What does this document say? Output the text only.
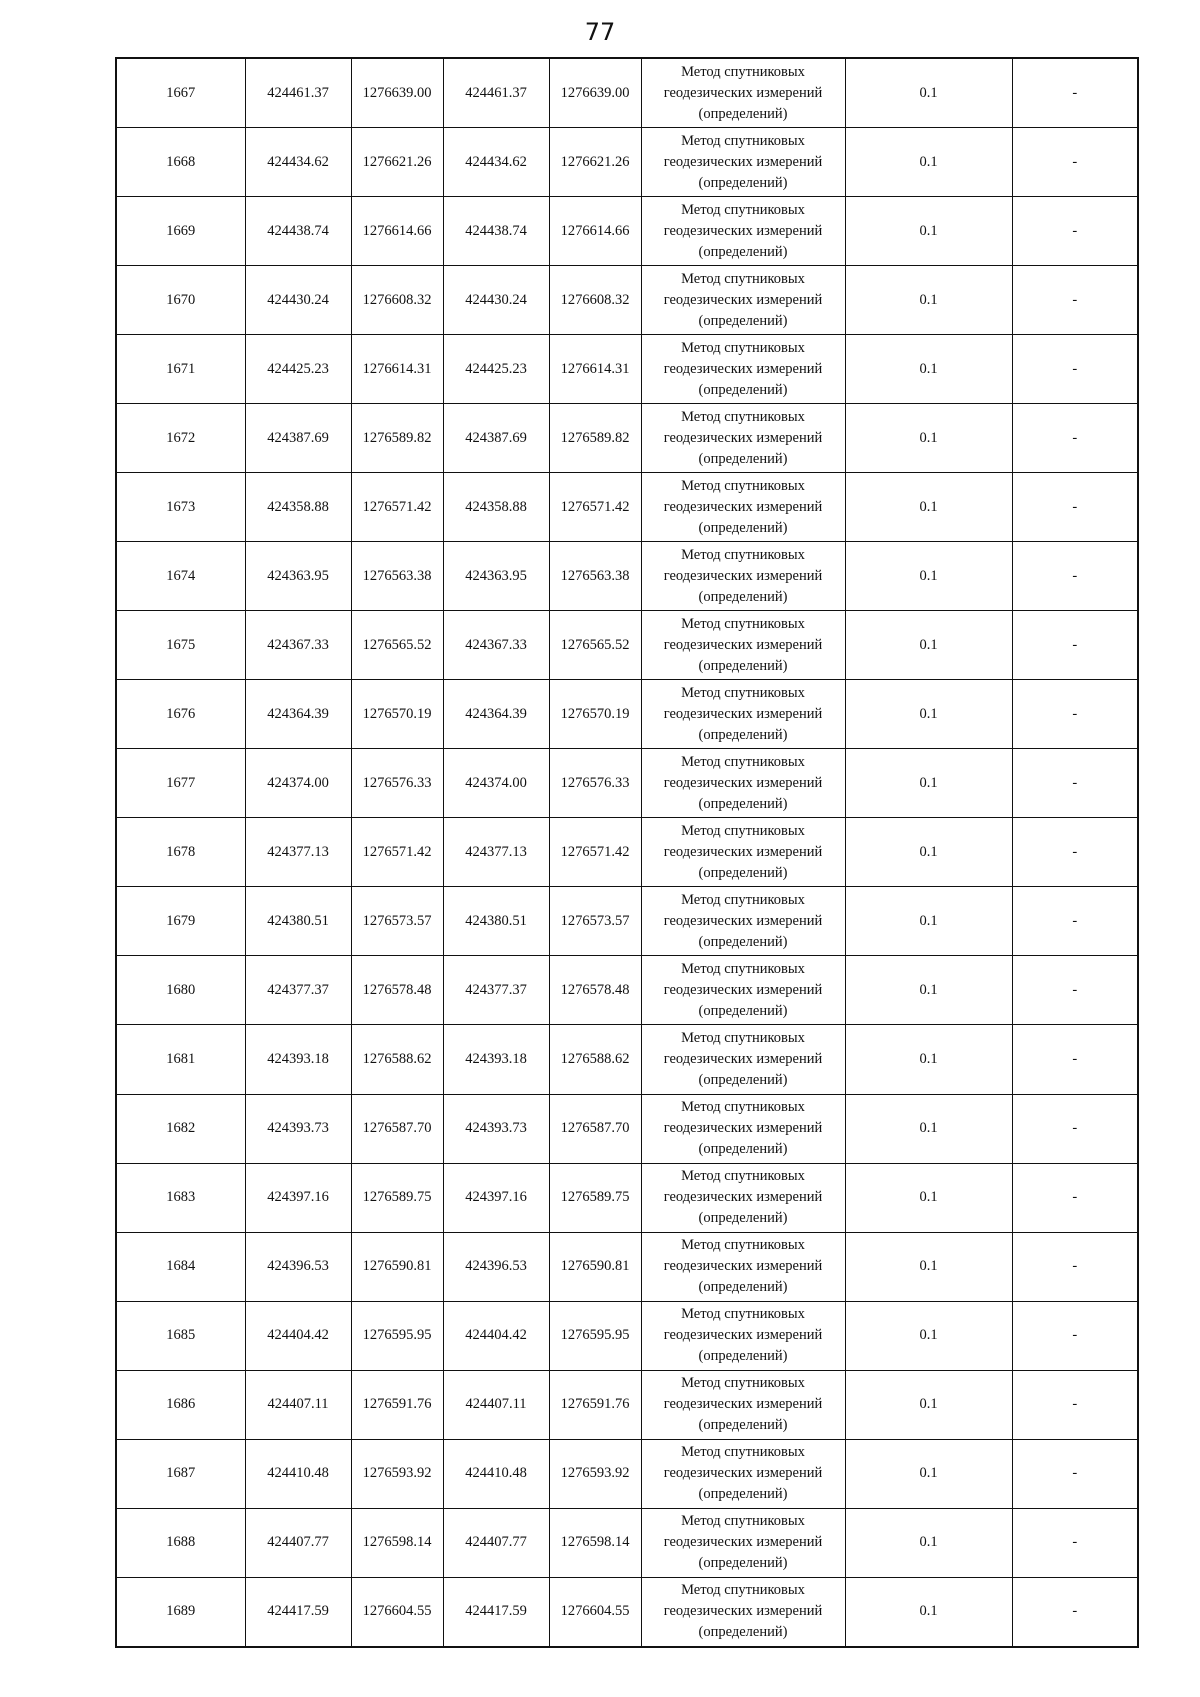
77
1667	424461.37	1276639.00	424461.37	1276639.00	Метод спутниковых геодезических измерений (определений)	0.1	-
1668	424434.62	1276621.26	424434.62	1276621.26	Метод спутниковых геодезических измерений (определений)	0.1	-
1669	424438.74	1276614.66	424438.74	1276614.66	Метод спутниковых геодезических измерений (определений)	0.1	-
1670	424430.24	1276608.32	424430.24	1276608.32	Метод спутниковых геодезических измерений (определений)	0.1	-
1671	424425.23	1276614.31	424425.23	1276614.31	Метод спутниковых геодезических измерений (определений)	0.1	-
1672	424387.69	1276589.82	424387.69	1276589.82	Метод спутниковых геодезических измерений (определений)	0.1	-
1673	424358.88	1276571.42	424358.88	1276571.42	Метод спутниковых геодезических измерений (определений)	0.1	-
1674	424363.95	1276563.38	424363.95	1276563.38	Метод спутниковых геодезических измерений (определений)	0.1	-
1675	424367.33	1276565.52	424367.33	1276565.52	Метод спутниковых геодезических измерений (определений)	0.1	-
1676	424364.39	1276570.19	424364.39	1276570.19	Метод спутниковых геодезических измерений (определений)	0.1	-
1677	424374.00	1276576.33	424374.00	1276576.33	Метод спутниковых геодезических измерений (определений)	0.1	-
1678	424377.13	1276571.42	424377.13	1276571.42	Метод спутниковых геодезических измерений (определений)	0.1	-
1679	424380.51	1276573.57	424380.51	1276573.57	Метод спутниковых геодезических измерений (определений)	0.1	-
1680	424377.37	1276578.48	424377.37	1276578.48	Метод спутниковых геодезических измерений (определений)	0.1	-
1681	424393.18	1276588.62	424393.18	1276588.62	Метод спутниковых геодезических измерений (определений)	0.1	-
1682	424393.73	1276587.70	424393.73	1276587.70	Метод спутниковых геодезических измерений (определений)	0.1	-
1683	424397.16	1276589.75	424397.16	1276589.75	Метод спутниковых геодезических измерений (определений)	0.1	-
1684	424396.53	1276590.81	424396.53	1276590.81	Метод спутниковых геодезических измерений (определений)	0.1	-
1685	424404.42	1276595.95	424404.42	1276595.95	Метод спутниковых геодезических измерений (определений)	0.1	-
1686	424407.11	1276591.76	424407.11	1276591.76	Метод спутниковых геодезических измерений (определений)	0.1	-
1687	424410.48	1276593.92	424410.48	1276593.92	Метод спутниковых геодезических измерений (определений)	0.1	-
1688	424407.77	1276598.14	424407.77	1276598.14	Метод спутниковых геодезических измерений (определений)	0.1	-
1689	424417.59	1276604.55	424417.59	1276604.55	Метод спутниковых геодезических измерений (определений)	0.1	-
